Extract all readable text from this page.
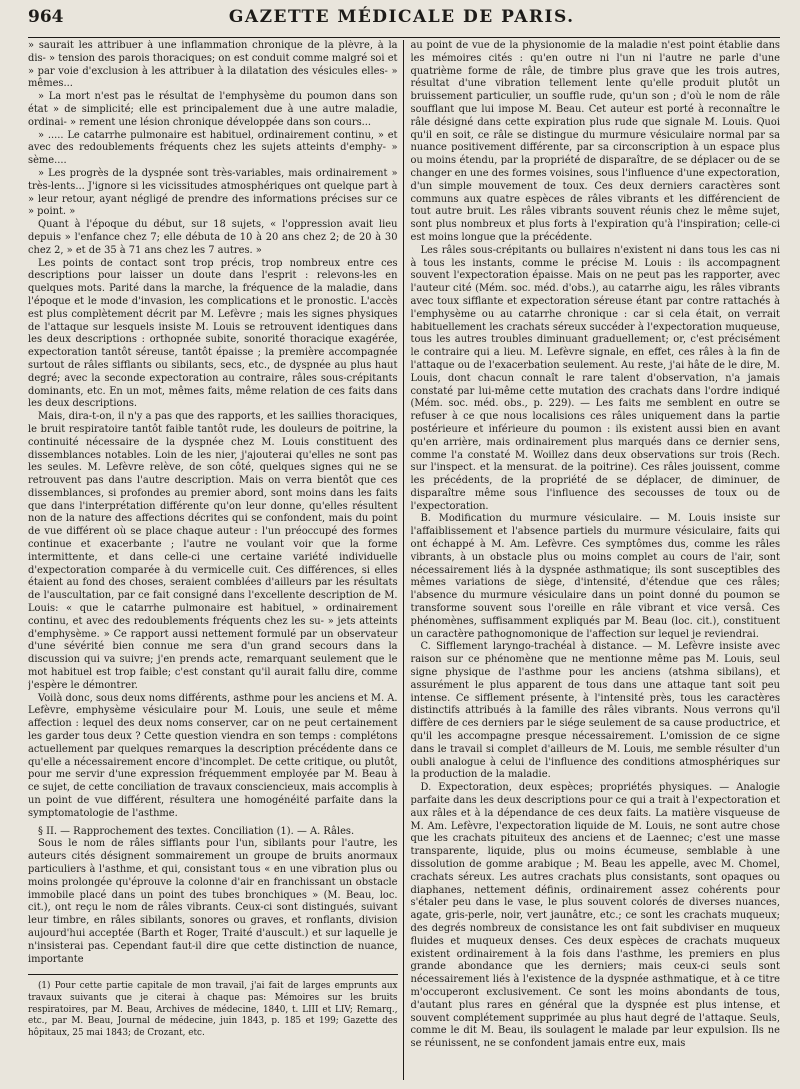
964	GAZETTE MÉDICALE DE PARIS.

» saurait les attribuer à une inflammation chronique de la plèvre, à la dis- » tension des parois thoraciques; on est conduit comme malgré soi et » par voie d'exclusion à les attribuer à la dilatation des vésicules elles- » mêmes...

» La mort n'est pas le résultat de l'emphysème du poumon dans son état » de simplicité; elle est principalement due à une autre maladie, ordinai- » rement une lésion chronique développée dans son cours...

» ..... Le catarrhe pulmonaire est habituel, ordinairement continu, » et avec des redoublements fréquents chez les sujets atteints d'emphy- » sème....

» Les progrès de la dyspnée sont très-variables, mais ordinairement » très-lents... J'ignore si les vicissitudes atmosphériques ont quelque part à » leur retour, ayant négligé de prendre des informations précises sur ce » point. »

Quant à l'époque du début, sur 18 sujets, « l'oppression avait lieu depuis » l'enfance chez 7; elle débuta de 10 à 20 ans chez 2; de 20 à 30 chez 2, » et de 35 à 71 ans chez les 7 autres. »

Les points de contact sont trop précis, trop nombreux entre ces descriptions pour laisser un doute dans l'esprit : relevons-les en quelques mots. Parité dans la marche, la fréquence de la maladie, dans l'époque et le mode d'invasion, les complications et le pronostic. L'accès est plus complètement décrit par M. Lefèvre ; mais les signes physiques de l'attaque sur lesquels insiste M. Louis se retrouvent identiques dans les deux descriptions : orthopnée subite, sonorité thoracique exagérée, expectoration tantôt séreuse, tantôt épaisse ; la première accompagnée surtout de râles sifflants ou sibilants, secs, etc., de dyspnée au plus haut degré; avec la seconde expectoration au contraire, râles sous-crépitants dominants, etc. En un mot, mêmes faits, même relation de ces faits dans les deux descriptions.

Mais, dira-t-on, il n'y a pas que des rapports, et les saillies thoraciques, le bruit respiratoire tantôt faible tantôt rude, les douleurs de poitrine, la continuité nécessaire de la dyspnée chez M. Louis constituent des dissemblances notables. Loin de les nier, j'ajouterai qu'elles ne sont pas les seules. M. Lefèvre relève, de son côté, quelques signes qui ne se retrouvent pas dans l'autre description. Mais on verra bientôt que ces dissemblances, si profondes au premier abord, sont moins dans les faits que dans l'interprétation différente qu'on leur donne, qu'elles résultent non de la nature des affections décrites qui se confondent, mais du point de vue différent où se place chaque auteur : l'un préoccupé des formes continue et exacerbante ; l'autre ne voulant voir que la forme intermittente, et dans celle-ci une certaine variété individuelle d'expectoration comparée à du vermicelle cuit. Ces différences, si elles étaient au fond des choses, seraient comblées d'ailleurs par les résultats de l'auscultation, par ce fait consigné dans l'excellente description de M. Louis: « que le catarrhe pulmonaire est habituel, » ordinairement continu, et avec des redoublements fréquents chez les su- » jets atteints d'emphysème. » Ce rapport aussi nettement formulé par un observateur d'une sévérité bien connue me sera d'un grand secours dans la discussion qui va suivre; j'en prends acte, remarquant seulement que le mot habituel est trop faible; c'est constant qu'il aurait fallu dire, comme j'espère le démontrer.

Voilà donc, sous deux noms différents, asthme pour les anciens et M. A. Lefèvre, emphysème vésiculaire pour M. Louis, une seule et même affection : lequel des deux noms conserver, car on ne peut certainement les garder tous deux ? Cette question viendra en son temps : complétons actuellement par quelques remarques la description précédente dans ce qu'elle a nécessairement encore d'incomplet. De cette critique, ou plutôt, pour me servir d'une expression fréquemment employée par M. Beau à ce sujet, de cette conciliation de travaux consciencieux, mais accomplis à un point de vue différent, résultera une homogénéité parfaite dans la symptomatologie de l'asthme.

§ II. — Rapprochement des textes. Conciliation (1). — A. Râles.

Sous le nom de râles sifflants pour l'un, sibilants pour l'autre, les auteurs cités désignent sommairement un groupe de bruits anormaux particuliers à l'asthme, et qui, consistant tous « en une vibration plus ou moins prolongée qu'éprouve la colonne d'air en franchissant un obstacle immobile placé dans un point des tubes bronchiques » (M. Beau, loc. cit.), ont reçu le nom de râles vibrants. Ceux-ci sont distingués, suivant leur timbre, en râles sibilants, sonores ou graves, et ronflants, division aujourd'hui acceptée (Barth et Roger, Traité d'auscult.) et sur laquelle je n'insisterai pas. Cependant faut-il dire que cette distinction de nuance, importante

(1) Pour cette partie capitale de mon travail, j'ai fait de larges emprunts aux travaux suivants que je citerai à chaque pas: Mémoires sur les bruits respiratoires, par M. Beau, Archives de médecine, 1840, t. LIII et LIV; Remarq., etc., par M. Beau, Journal de médecine, juin 1843, p. 185 et 199; Gazette des hôpitaux, 25 mai 1843; de Crozant, etc.

au point de vue de la physionomie de la maladie n'est point établie dans les mémoires cités : qu'en outre ni l'un ni l'autre ne parle d'une quatrième forme de râle, de timbre plus grave que les trois autres, résultat d'une vibration tellement lente qu'elle produit plutôt un bruissement particulier, un souffle rude, qu'un son ; d'où le nom de râle soufflant que lui impose M. Beau. Cet auteur est porté à reconnaître le râle désigné dans cette expiration plus rude que signale M. Louis. Quoi qu'il en soit, ce râle se distingue du murmure vésiculaire normal par sa nuance positivement différente, par sa circonscription à un espace plus ou moins étendu, par la propriété de disparaître, de se déplacer ou de se changer en une des formes voisines, sous l'influence d'une expectoration, d'un simple mouvement de toux. Ces deux derniers caractères sont communs aux quatre espèces de râles vibrants et les différencient de tout autre bruit. Les râles vibrants souvent réunis chez le même sujet, sont plus nombreux et plus forts à l'expiration qu'à l'inspiration; celle-ci est moins longue que la précédente.

Les râles sous-crépitants ou bullaires n'existent ni dans tous les cas ni à tous les instants, comme le précise M. Louis : ils accompagnent souvent l'expectoration épaisse. Mais on ne peut pas les rapporter, avec l'auteur cité (Mém. soc. méd. d'obs.), au catarrhe aigu, les râles vibrants avec toux sifflante et expectoration séreuse étant par contre rattachés à l'emphysème ou au catarrhe chronique : car si cela était, on verrait habituellement les crachats séreux succéder à l'expectoration muqueuse, tous les autres troubles diminuant graduellement; or, c'est précisément le contraire qui a lieu. M. Lefèvre signale, en effet, ces râles à la fin de l'attaque ou de l'exacerbation seulement. Au reste, j'ai hâte de le dire, M. Louis, dont chacun connaît le rare talent d'observation, n'a jamais constaté par lui-même cette mutation des crachats dans l'ordre indiqué (Mém. soc. méd. obs., p. 229). — Les faits me semblent en outre se refuser à ce que nous localisions ces râles uniquement dans la partie postérieure et inférieure du poumon : ils existent aussi bien en avant qu'en arrière, mais ordinairement plus marqués dans ce dernier sens, comme l'a constaté M. Woillez dans deux observations sur trois (Rech. sur l'inspect. et la mensurat. de la poitrine). Ces râles jouissent, comme les précédents, de la propriété de se déplacer, de diminuer, de disparaître même sous l'influence des secousses de toux ou de l'expectoration.

B. Modification du murmure vésiculaire. — M. Louis insiste sur l'affaiblissement et l'absence partiels du murmure vésiculaire, faits qui ont échappé à M. Am. Lefèvre. Ces symptômes dus, comme les râles vibrants, à un obstacle plus ou moins complet au cours de l'air, sont nécessairement liés à la dyspnée asthmatique; ils sont susceptibles des mêmes variations de siège, d'intensité, d'étendue que ces râles; l'absence du murmure vésiculaire dans un point donné du poumon se transforme souvent sous l'oreille en râle vibrant et vice versâ. Ces phénomènes, suffisamment expliqués par M. Beau (loc. cit.), constituent un caractère pathognomonique de l'affection sur lequel je reviendrai.

C. Sifflement laryngo-trachéal à distance. — M. Lefèvre insiste avec raison sur ce phénomène que ne mentionne même pas M. Louis, seul signe physique de l'asthme pour les anciens (atshma sibilans), et assurément le plus apparent de tous dans une attaque tant soit peu intense. Ce sifflement présente, à l'intensité près, tous les caractères distinctifs attribués à la famille des râles vibrants. Nous verrons qu'il diffère de ces derniers par le siége seulement de sa cause productrice, et qu'il les accompagne presque nécessairement. L'omission de ce signe dans le travail si complet d'ailleurs de M. Louis, me semble résulter d'un oubli analogue à celui de l'influence des conditions atmosphériques sur la production de la maladie.

D. Expectoration, deux espèces; propriétés physiques. — Analogie parfaite dans les deux descriptions pour ce qui a trait à l'expectoration et aux râles et à la dépendance de ces deux faits. La matière visqueuse de M. Am. Lefèvre, l'expectoration liquide de M. Louis, ne sont autre chose que les crachats pituiteux des anciens et de Laennec; c'est une masse transparente, liquide, plus ou moins écumeuse, semblable à une dissolution de gomme arabique ; M. Beau les appelle, avec M. Chomel, crachats séreux. Les autres crachats plus consistants, sont opaques ou diaphanes, nettement définis, ordinairement assez cohérents pour s'étaler peu dans le vase, le plus souvent colorés de diverses nuances, agate, gris-perle, noir, vert jaunâtre, etc.; ce sont les crachats muqueux; des degrés nombreux de consistance les ont fait subdiviser en muqueux fluides et muqueux denses. Ces deux espèces de crachats muqueux existent ordinairement à la fois dans l'asthme, les premiers en plus grande abondance que les derniers; mais ceux-ci seuls sont nécessairement liés à l'existence de la dyspnée asthmatique, et à ce titre m'occuperont exclusivement. Ce sont les moins abondants de tous, d'autant plus rares en général que la dyspnée est plus intense, et souvent complétement supprimée au plus haut degré de l'attaque. Seuls, comme le dit M. Beau, ils soulagent le malade par leur expulsion. Ils ne se réunissent, ne se confondent jamais entre eux, mais
